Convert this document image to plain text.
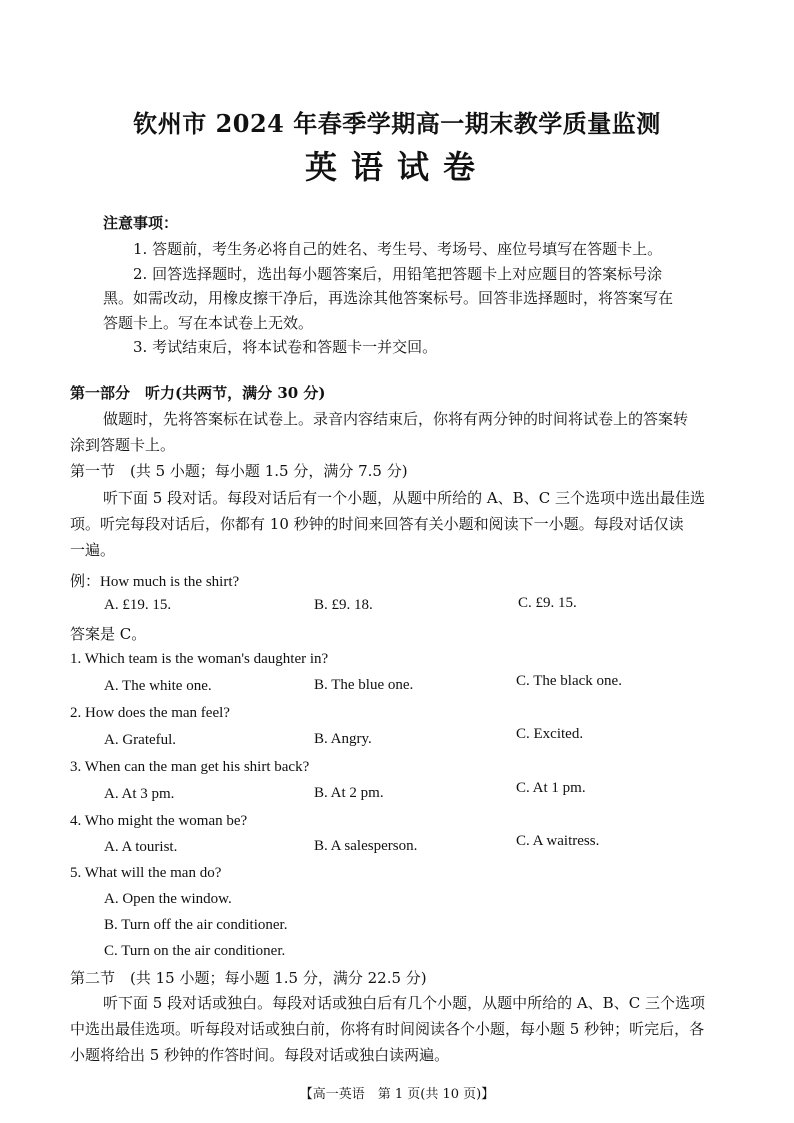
钦州市 2024 年春季学期高一期末教学质量监测
英语试卷
注意事项：
1. 答题前，考生务必将自己的姓名、考生号、考场号、座位号填写在答题卡上。
2. 回答选择题时，选出每小题答案后，用铅笔把答题卡上对应题目的答案标号涂
黑。如需改动，用橡皮擦干净后，再选涂其他答案标号。回答非选择题时，将答案写在
答题卡上。写在本试卷上无效。
3. 考试结束后，将本试卷和答题卡一并交回。
第一部分　听力(共两节，满分 30 分)
做题时，先将答案标在试卷上。录音内容结束后，你将有两分钟的时间将试卷上的答案转
涂到答题卡上。
第一节　(共 5 小题；每小题 1.5 分，满分 7.5 分)
听下面 5 段对话。每段对话后有一个小题，从题中所给的 A、B、C 三个选项中选出最佳选
项。听完每段对话后，你都有 10 秒钟的时间来回答有关小题和阅读下一小题。每段对话仅读
一遍。
例：How much is the shirt?
A. £19. 15.	B. £9. 18.	C. £9. 15.
答案是 C。
1. Which team is the woman's daughter in?
A. The white one.	B. The blue one.	C. The black one.
2. How does the man feel?
A. Grateful.	B. Angry.	C. Excited.
3. When can the man get his shirt back?
A. At 3 pm.	B. At 2 pm.	C. At 1 pm.
4. Who might the woman be?
A. A tourist.	B. A salesperson.	C. A waitress.
5. What will the man do?
A. Open the window.
B. Turn off the air conditioner.
C. Turn on the air conditioner.
第二节　(共 15 小题；每小题 1.5 分，满分 22.5 分)
听下面 5 段对话或独白。每段对话或独白后有几个小题，从题中所给的 A、B、C 三个选项
中选出最佳选项。听每段对话或独白前，你将有时间阅读各个小题，每小题 5 秒钟；听完后，各
小题将给出 5 秒钟的作答时间。每段对话或独白读两遍。
【高一英语　第 1 页(共 10 页)】
